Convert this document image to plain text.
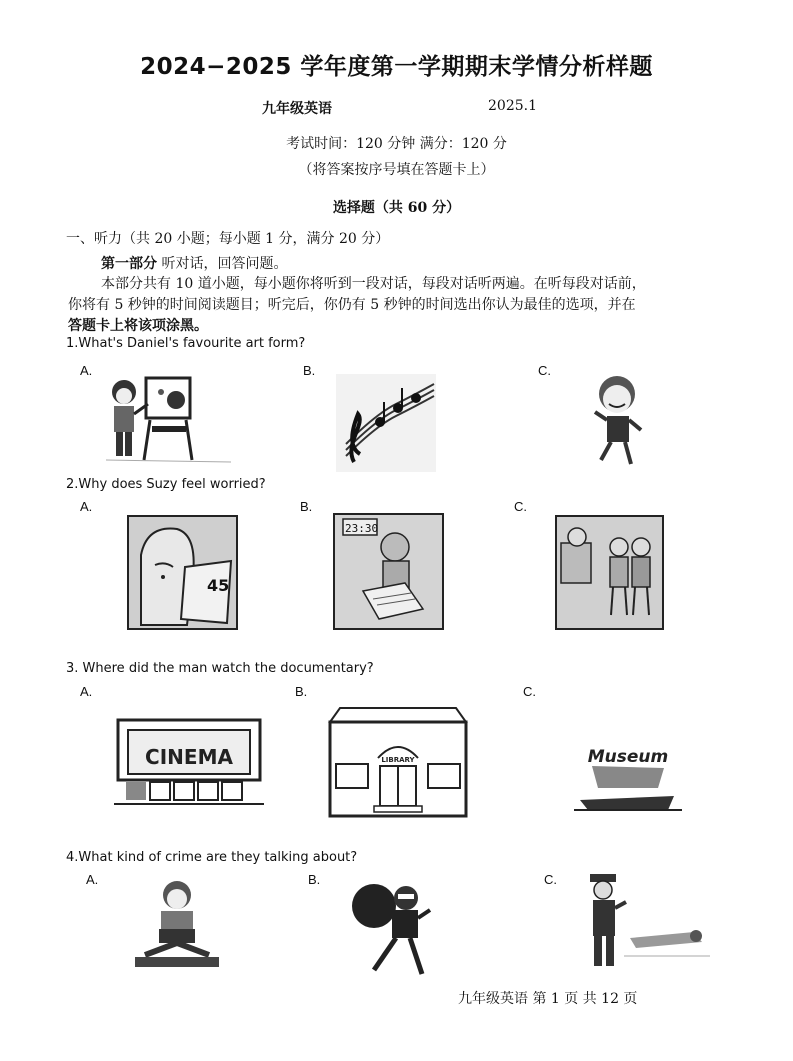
2024−2025 学年度第一学期期末学情分析样题
九年级英语	2025.1
考试时间：120 分钟 满分：120 分
（将答案按序号填在答题卡上）
选择题（共 60 分）
一、听力（共 20 小题；每小题 1 分，满分 20 分）
第一部分 听对话，回答问题。
本部分共有 10 道小题，每小题你将听到一段对话，每段对话听两遍。在听每段对话前，
你将有 5 秒钟的时间阅读题目；听完后，你仍有 5 秒钟的时间选出你认为最佳的选项，并在
答题卡上将该项涂黑。
1.What's Daniel's favourite art form?
A.	B.	C.
2.Why does Suzy feel worried?
A.	B.	C.
45
23:30
3. Where did the man watch the documentary?
A.	B.	C.
CINEMA	LIBRARY	Museum
4.What kind of crime are they talking about?
A.	B.	C.
九年级英语 第 1 页 共 12 页
